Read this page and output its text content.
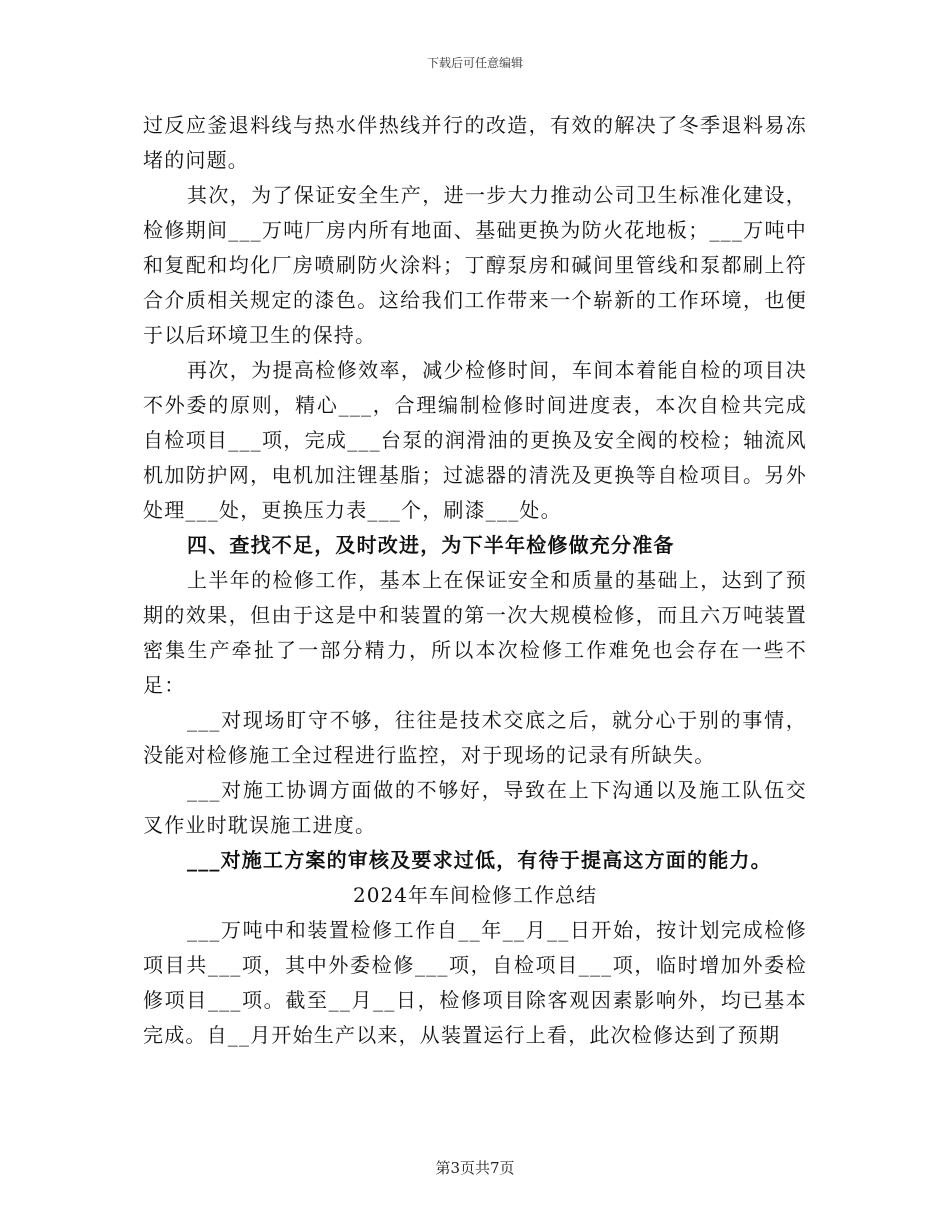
下载后可任意编辑

过反应釜退料线与热水伴热线并行的改造，有效的解决了冬季退料易冻堵的问题。

其次，为了保证安全生产，进一步大力推动公司卫生标准化建设，检修期间___万吨厂房内所有地面、基础更换为防火花地板；___万吨中和复配和均化厂房喷刷防火涂料；丁醇泵房和碱间里管线和泵都刷上符合介质相关规定的漆色。这给我们工作带来一个崭新的工作环境，也便于以后环境卫生的保持。

再次，为提高检修效率，减少检修时间，车间本着能自检的项目决不外委的原则，精心___，合理编制检修时间进度表，本次自检共完成自检项目___项，完成___台泵的润滑油的更换及安全阀的校检；轴流风机加防护网，电机加注锂基脂；过滤器的清洗及更换等自检项目。另外处理___处，更换压力表___个，刷漆___处。

四、查找不足，及时改进，为下半年检修做充分准备

上半年的检修工作，基本上在保证安全和质量的基础上，达到了预期的效果，但由于这是中和装置的第一次大规模检修，而且六万吨装置密集生产牵扯了一部分精力，所以本次检修工作难免也会存在一些不足：

___对现场盯守不够，往往是技术交底之后，就分心于别的事情，没能对检修施工全过程进行监控，对于现场的记录有所缺失。

___对施工协调方面做的不够好，导致在上下沟通以及施工队伍交叉作业时耽误施工进度。

___对施工方案的审核及要求过低，有待于提高这方面的能力。

2024年车间检修工作总结

___万吨中和装置检修工作自__年__月__日开始，按计划完成检修项目共___项，其中外委检修___项，自检项目___项，临时增加外委检修项目___项。截至__月__日，检修项目除客观因素影响外，均已基本完成。自__月开始生产以来，从装置运行上看，此次检修达到了预期

第3页共7页
